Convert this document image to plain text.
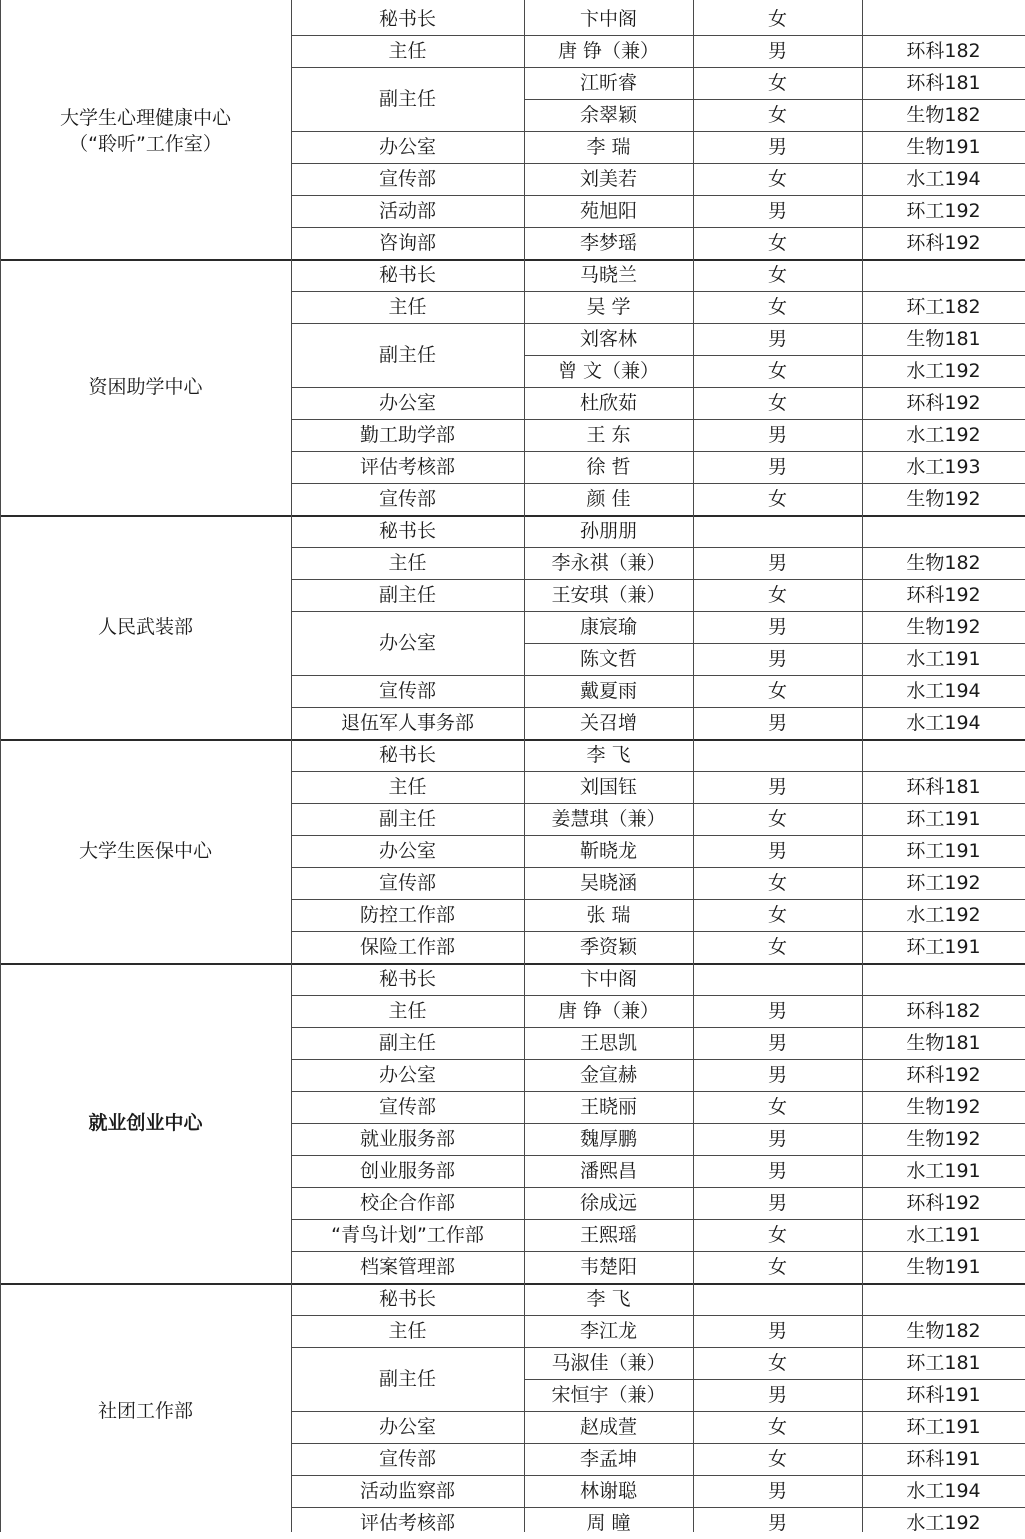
大学生心理健康中心
（“聆听”工作室）
秘书长	卞中阁	女
主任	唐 铮（兼）	男	环科182
副主任
江昕睿	女	环科181
余翠颖	女	生物182
办公室	李 瑞	男	生物191
宣传部	刘美若	女	水工194
活动部	苑旭阳	男	环工192
咨询部	李梦瑶	女	环科192
资困助学中心
秘书长	马晓兰	女
主任	吴 学	女	环工182
副主任
刘客林	男	生物181
曾 文（兼）	女	水工192
办公室	杜欣茹	女	环科192
勤工助学部	王 东	男	水工192
评估考核部	徐 哲	男	水工193
宣传部	颜 佳	女	生物192
人民武装部
秘书长	孙朋朋
主任	李永祺（兼）	男	生物182
副主任	王安琪（兼）	女	环科192
办公室
康宸瑜	男	生物192
陈文哲	男	水工191
宣传部	戴夏雨	女	水工194
退伍军人事务部	关召增	男	水工194
大学生医保中心
秘书长	李 飞
主任	刘国钰	男	环科181
副主任	姜慧琪（兼）	女	环工191
办公室	靳晓龙	男	环工191
宣传部	吴晓涵	女	环工192
防控工作部	张 瑞	女	水工192
保险工作部	季资颖	女	环工191
就业创业中心
秘书长	卞中阁
主任	唐 铮（兼）	男	环科182
副主任	王思凯	男	生物181
办公室	金宣赫	男	环科192
宣传部	王晓丽	女	生物192
就业服务部	魏厚鹏	男	生物192
创业服务部	潘熙昌	男	水工191
校企合作部	徐成远	男	环科192
“青鸟计划”工作部	王熙瑶	女	水工191
档案管理部	韦楚阳	女	生物191
社团工作部
秘书长	李 飞
主任	李江龙	男	生物182
副主任
马淑佳（兼）	女	环工181
宋恒宇（兼）	男	环科191
办公室	赵成萱	女	环工191
宣传部	李孟坤	女	环科191
活动监察部	林谢聪	男	水工194
评估考核部	周 瞳	男	水工192
